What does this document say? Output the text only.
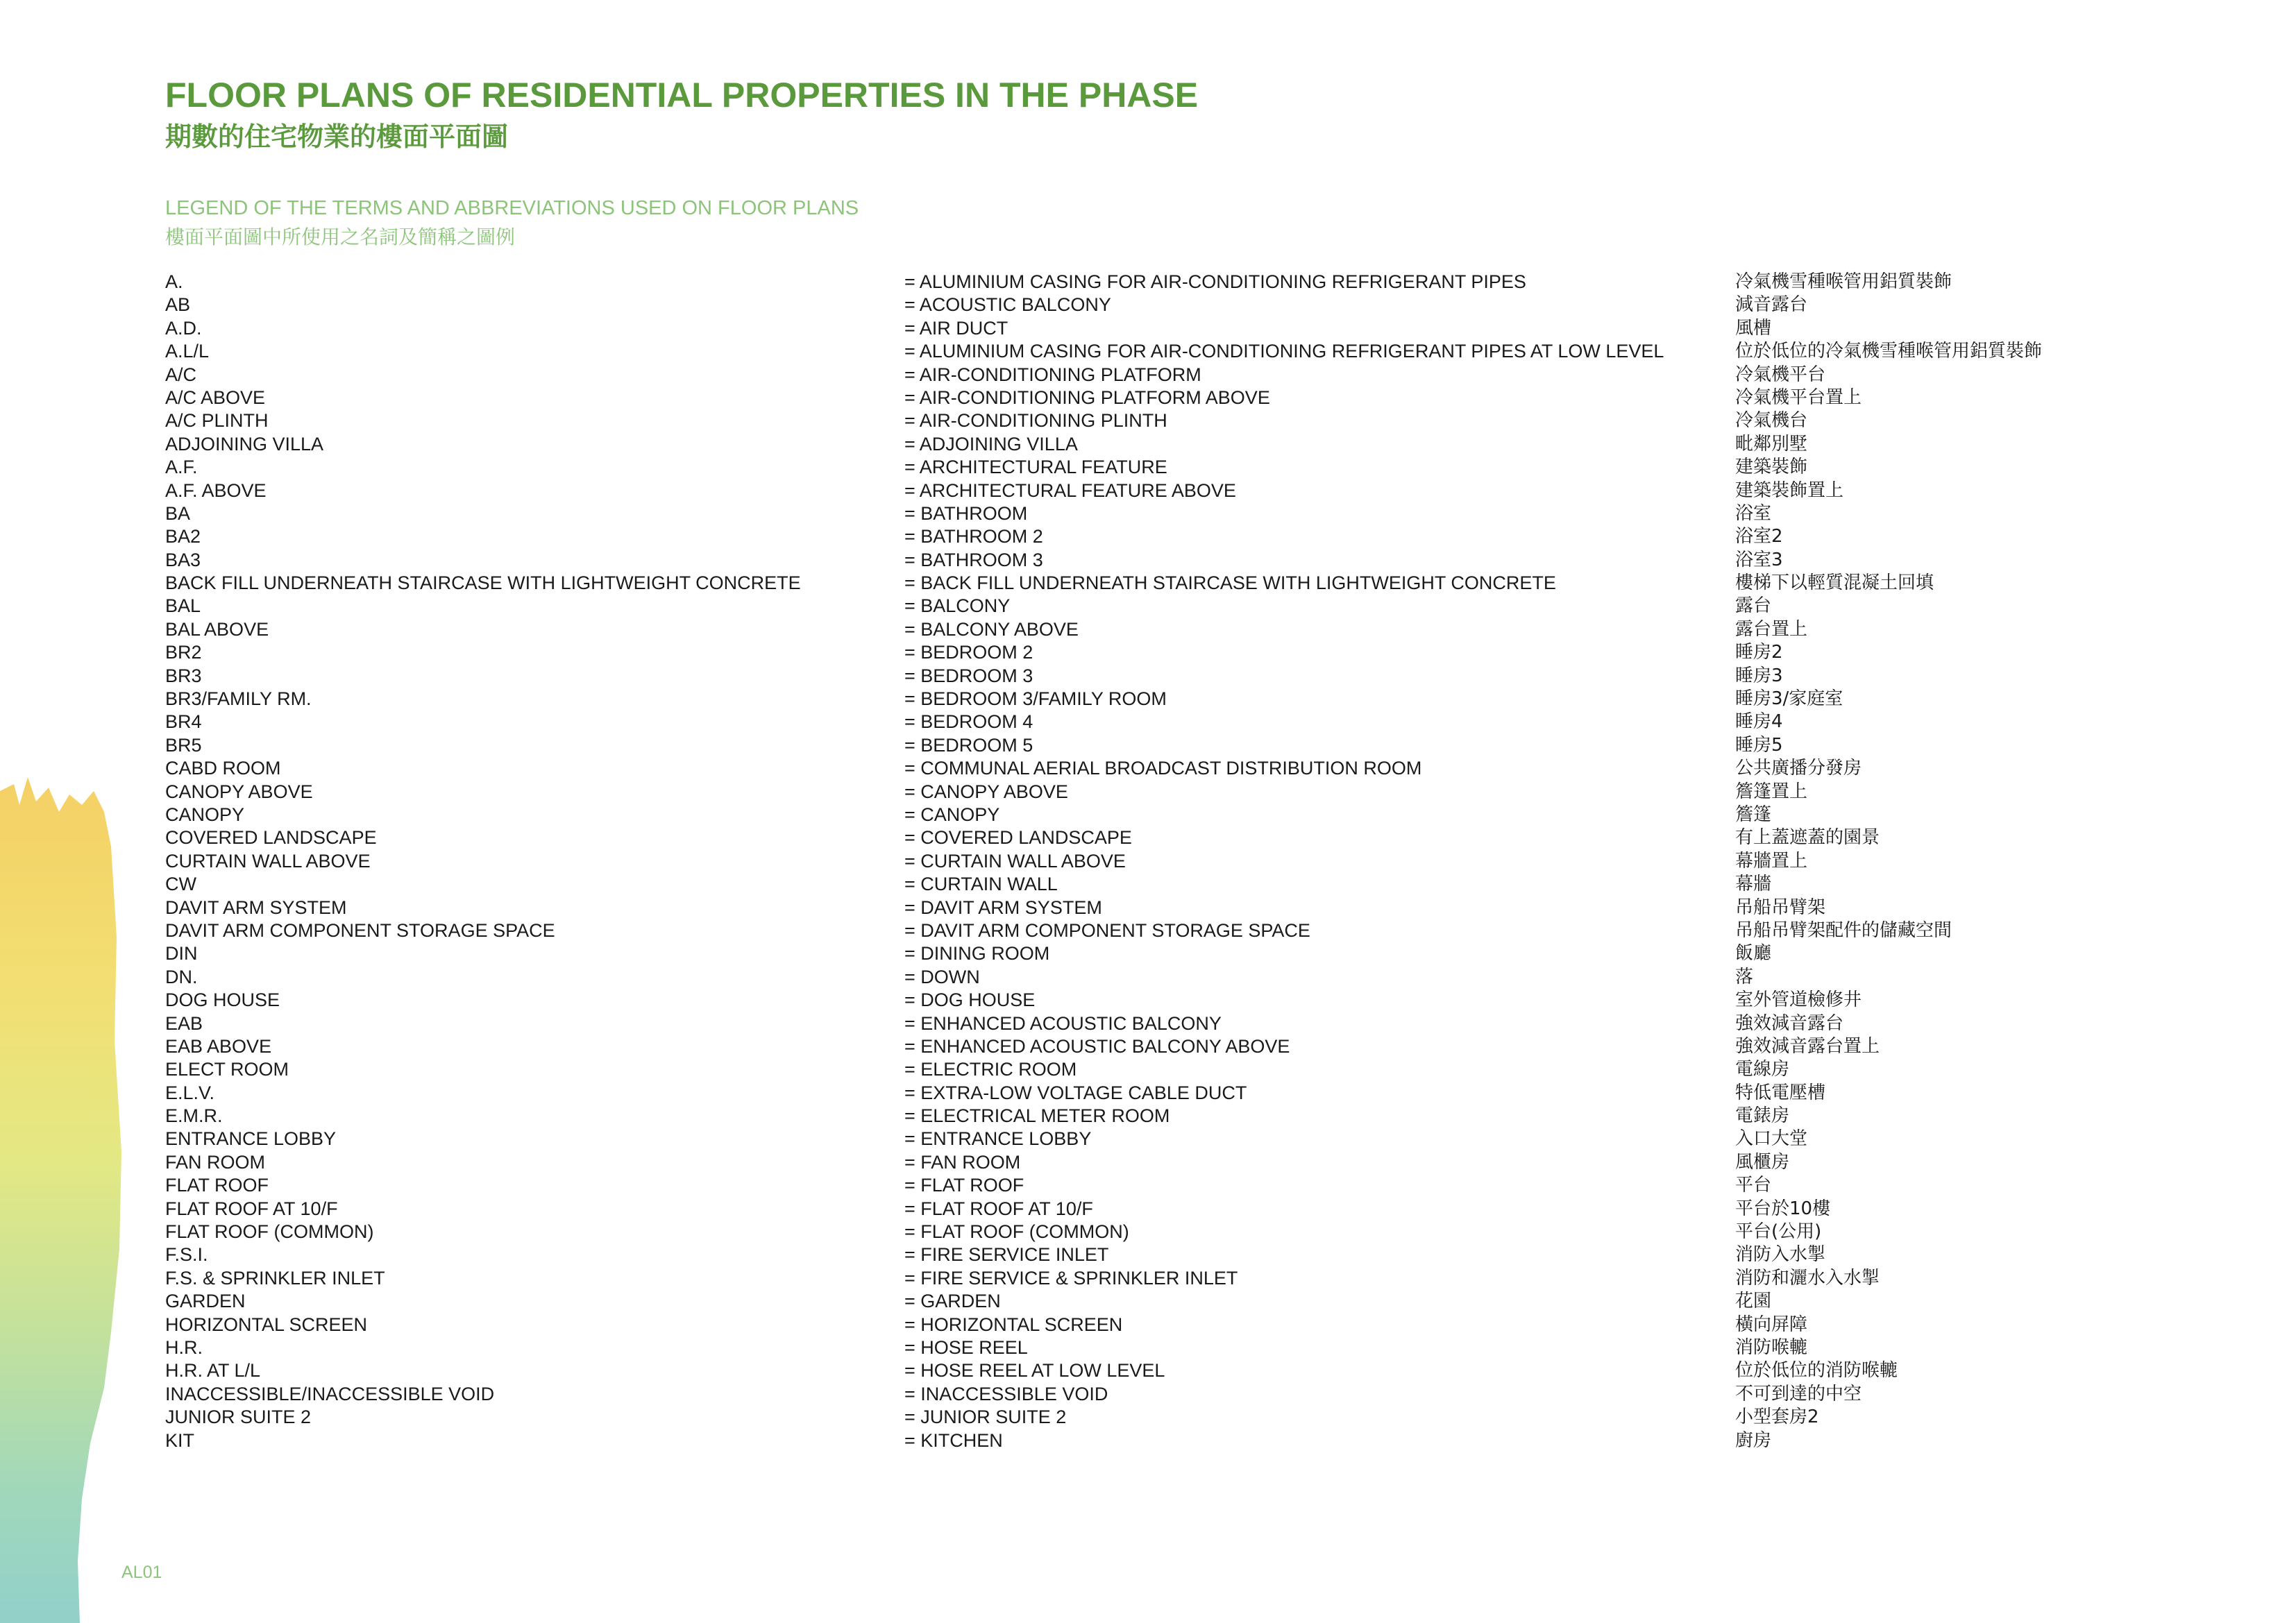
FLOOR PLANS OF RESIDENTIAL PROPERTIES IN THE PHASE
期數的住宅物業的樓面平面圖
LEGEND OF THE TERMS AND ABBREVIATIONS USED ON FLOOR PLANS
樓面平面圖中所使用之名詞及簡稱之圖例
A.
AB
A.D.
A.L/L
A/C
A/C ABOVE
A/C PLINTH
ADJOINING VILLA
A.F.
A.F. ABOVE
BA
BA2
BA3
BACK FILL UNDERNEATH STAIRCASE WITH LIGHTWEIGHT CONCRETE
BAL
BAL ABOVE
BR2
BR3
BR3/FAMILY RM.
BR4
BR5
CABD ROOM
CANOPY ABOVE
CANOPY
COVERED LANDSCAPE
CURTAIN WALL ABOVE
CW
DAVIT ARM SYSTEM
DAVIT ARM COMPONENT STORAGE SPACE
DIN
DN.
DOG HOUSE
EAB
EAB ABOVE
ELECT ROOM
E.L.V.
E.M.R.
ENTRANCE LOBBY
FAN ROOM
FLAT ROOF
FLAT ROOF AT 10/F
FLAT ROOF (COMMON)
F.S.I.
F.S. & SPRINKLER INLET
GARDEN
HORIZONTAL SCREEN
H.R.
H.R. AT L/L
INACCESSIBLE/INACCESSIBLE VOID
JUNIOR SUITE 2
KIT
= ALUMINIUM CASING FOR AIR-CONDITIONING REFRIGERANT PIPES
= ACOUSTIC BALCONY
= AIR DUCT
= ALUMINIUM CASING FOR AIR-CONDITIONING REFRIGERANT PIPES AT LOW LEVEL
= AIR-CONDITIONING PLATFORM
= AIR-CONDITIONING PLATFORM ABOVE
= AIR-CONDITIONING PLINTH
= ADJOINING VILLA
= ARCHITECTURAL FEATURE
= ARCHITECTURAL FEATURE ABOVE
= BATHROOM
= BATHROOM 2
= BATHROOM 3
= BACK FILL UNDERNEATH STAIRCASE WITH LIGHTWEIGHT CONCRETE
= BALCONY
= BALCONY ABOVE
= BEDROOM 2
= BEDROOM 3
= BEDROOM 3/FAMILY ROOM
= BEDROOM 4
= BEDROOM 5
= COMMUNAL AERIAL BROADCAST DISTRIBUTION ROOM
= CANOPY ABOVE
= CANOPY
= COVERED LANDSCAPE
= CURTAIN WALL ABOVE
= CURTAIN WALL
= DAVIT ARM SYSTEM
= DAVIT ARM COMPONENT STORAGE SPACE
= DINING ROOM
= DOWN
= DOG HOUSE
= ENHANCED ACOUSTIC BALCONY
= ENHANCED ACOUSTIC BALCONY ABOVE
= ELECTRIC ROOM
= EXTRA-LOW VOLTAGE CABLE DUCT
= ELECTRICAL METER ROOM
= ENTRANCE LOBBY
= FAN ROOM
= FLAT ROOF
= FLAT ROOF AT 10/F
= FLAT ROOF (COMMON)
= FIRE SERVICE INLET
= FIRE SERVICE & SPRINKLER INLET
= GARDEN
= HORIZONTAL SCREEN
= HOSE REEL
= HOSE REEL AT LOW LEVEL
= INACCESSIBLE VOID
= JUNIOR SUITE 2
= KITCHEN
冷氣機雪種喉管用鋁質裝飾
減音露台
風槽
位於低位的冷氣機雪種喉管用鋁質裝飾
冷氣機平台
冷氣機平台置上
冷氣機台
毗鄰別墅
建築裝飾
建築裝飾置上
浴室
浴室2
浴室3
樓梯下以輕質混凝土回填
露台
露台置上
睡房2
睡房3
睡房3/家庭室
睡房4
睡房5
公共廣播分發房
簷篷置上
簷篷
有上蓋遮蓋的園景
幕牆置上
幕牆
吊船吊臂架
吊船吊臂架配件的儲藏空間
飯廳
落
室外管道檢修井
強效減音露台
強效減音露台置上
電線房
特低電壓槽
電錶房
入口大堂
風櫃房
平台
平台於10樓
平台(公用)
消防入水掣
消防和灑水入水掣
花園
橫向屏障
消防喉轆
位於低位的消防喉轆
不可到達的中空
小型套房2
廚房
AL01
